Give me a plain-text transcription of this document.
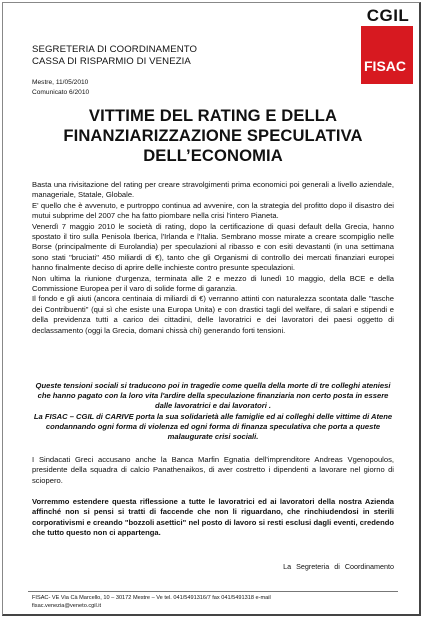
CGIL
FISAC
SEGRETERIA DI COORDINAMENTO
CASSA DI RISPARMIO DI VENEZIA
Mestre, 11/05/2010
Comunicato 6/2010
VITTIME DEL RATING E DELLA
FINANZIARIZZAZIONE SPECULATIVA
DELL’ECONOMIA

Basta una rivisitazione del rating per creare stravolgimenti prima economici poi generali a livello aziendale, manageriale, Statale, Globale.

E' quello che è avvenuto, e purtroppo continua ad avvenire, con la strategia del profitto dopo il disastro dei mutui subprime del 2007 che ha fatto piombare nella crisi l'intero Pianeta.

Venerdì 7 maggio 2010 le società di rating, dopo la certificazione di quasi default della Grecia, hanno spostato il tiro sulla Penisola Iberica, l'Irlanda e l'Italia. Sembrano mosse mirate a creare scompiglio nelle Borse (principalmente di Eurolandia) per speculazioni al ribasso e con esiti devastanti (in una settimana sono stati "bruciati" 450 miliardi di €), tanto che gli Organismi di controllo dei mercati finanziari europei hanno finalmente deciso di aprire delle inchieste contro presunte speculazioni.

Non ultima la riunione d'urgenza, terminata alle 2 e mezzo di lunedì 10 maggio, della BCE e della Commissione Europea per il varo di solide forme di garanzia.

Il fondo e gli aiuti (ancora centinaia di miliardi di €) verranno attinti con naturalezza scontata dalle "tasche dei Contribuenti" (qui sì che esiste una Europa Unita) e con drastici tagli del welfare, di salari e stipendi e della previdenza tutti a carico dei cittadini, delle lavoratrici e dei lavoratori dei paesi oggetto di declassamento (oggi la Grecia, domani chissà chi) generando forti tensioni.

Queste tensioni sociali si traducono poi in tragedie come quella della morte di tre colleghi ateniesi che hanno pagato con la loro vita l'ardire della speculazione finanziaria non certo posta in essere dalle lavoratrici e dai lavoratori .

La FISAC – CGIL di CARIVE porta la sua solidarietà alle famiglie ed ai colleghi delle vittime di Atene condannando ogni forma di violenza ed ogni forma di finanza speculativa che porta a queste malaugurate crisi sociali.

I Sindacati Greci accusano anche la Banca Marfin Egnatia dell'imprenditore Andreas Vgenopoulos, presidente della squadra di calcio Panathenaikos, di aver costretto i dipendenti a lavorare nel giorno di sciopero.
Vorremmo estendere questa riflessione a tutte le lavoratrici ed ai lavoratori della nostra Azienda affinché non si pensi si tratti di faccende che non li riguardano, che rinchiudendosi in sterili corporativismi e creando "bozzoli asettici" nel posto di lavoro si resti esclusi dagli eventi, credendo che tutto questo non ci appartenga.
La Segreteria di Coordinamento
FISAC- VE Via Cà Marcello, 10 – 30172 Mestre – Ve tel. 041/5491316/7 fax 041/5491318 e-mail
fisac.venezia@veneto.cgil.it
